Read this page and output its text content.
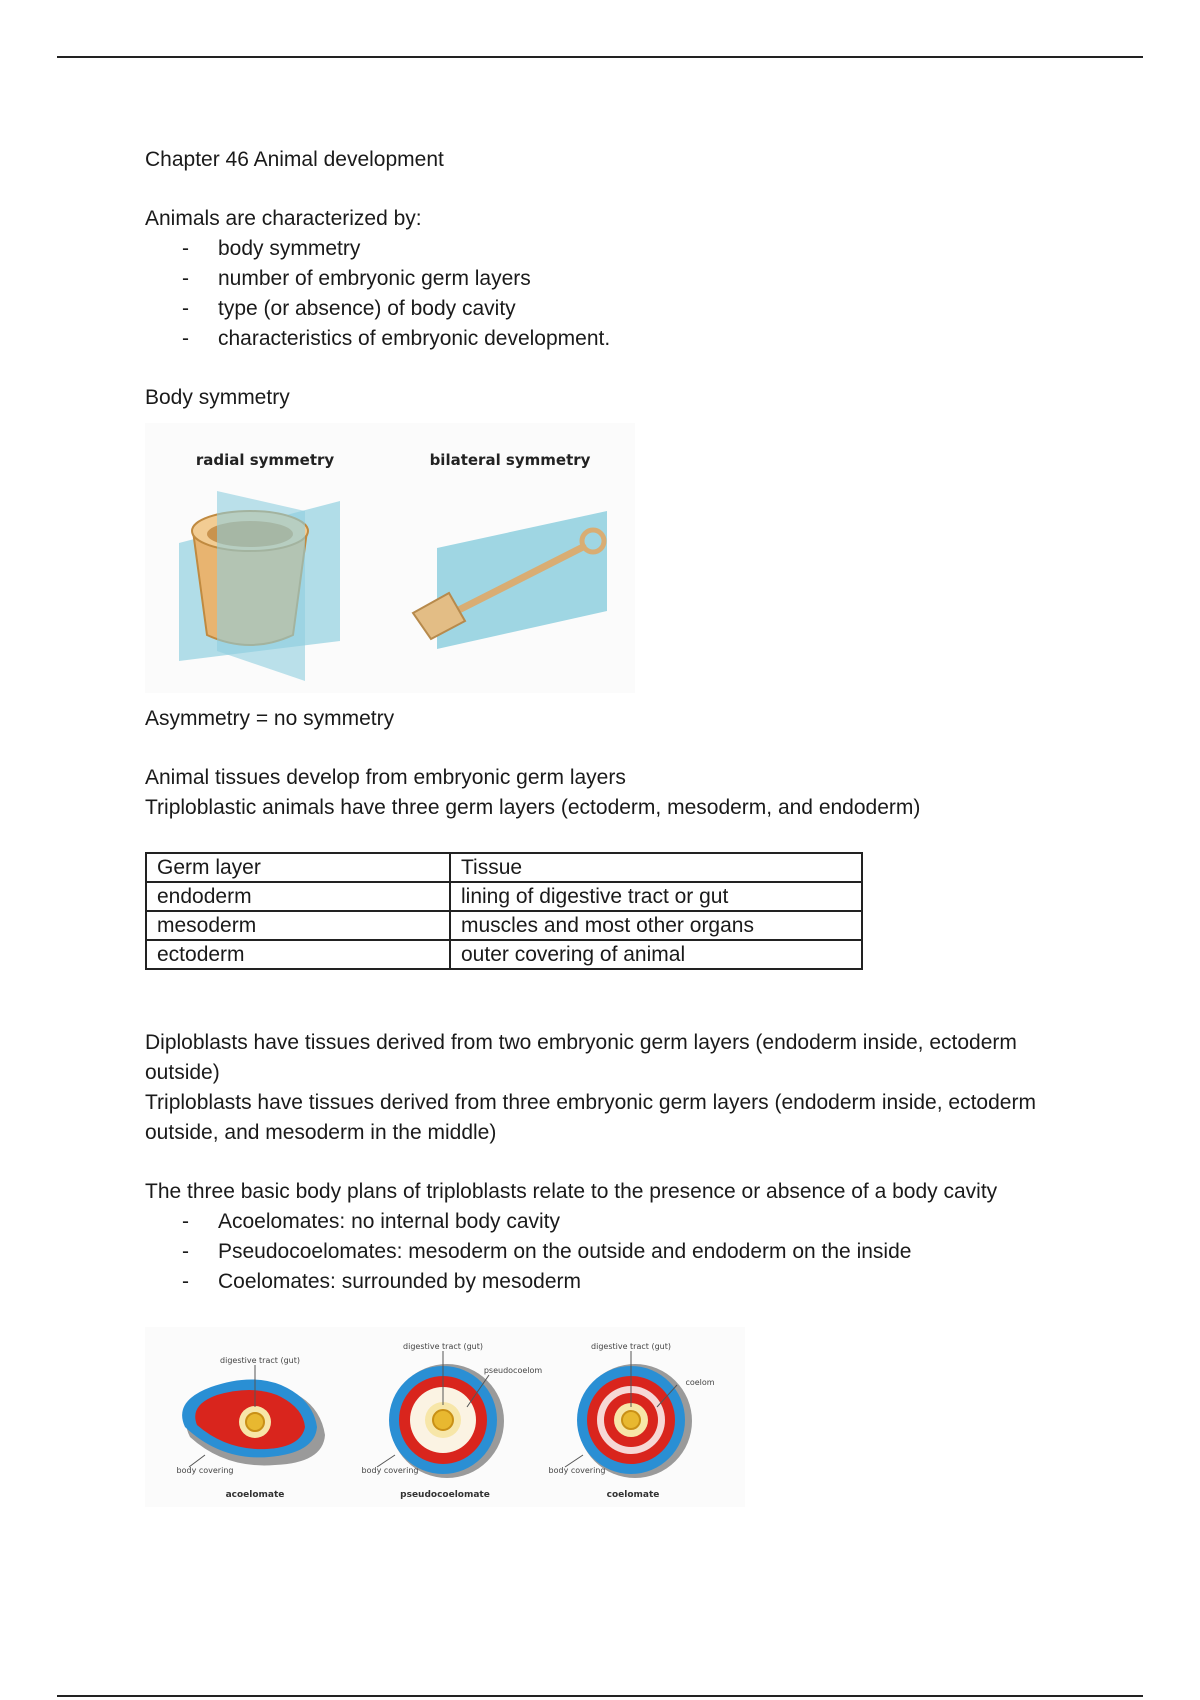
Chapter 46 Animal development

Animals are characterized by:

- body symmetry
- number of embryonic germ layers
- type (or absence) of body cavity
- characteristics of embryonic development.

Body symmetry

radial symmetry	bilateral symmetry

Asymmetry = no symmetry

Animal tissues develop from embryonic germ layers

Triploblastic animals have three germ layers (ectoderm, mesoderm, and endoderm)

Germ layer	Tissue
endoderm	lining of digestive tract or gut
mesoderm	muscles and most other organs
ectoderm	outer covering of animal

Diploblasts have tissues derived from two embryonic germ layers (endoderm inside, ectoderm outside)

Triploblasts have tissues derived from three embryonic germ layers (endoderm inside, ectoderm outside, and mesoderm in the middle)

The three basic body plans of triploblasts relate to the presence or absence of a body cavity

- Acoelomates: no internal body cavity
- Pseudocoelomates: mesoderm on the outside and endoderm on the inside
- Coelomates: surrounded by mesoderm
digestive tract (gut)
body covering
acoelomate
digestive tract (gut)
pseudocoelom
body covering
pseudocoelomate
digestive tract (gut)
coelom
body covering
coelomate
